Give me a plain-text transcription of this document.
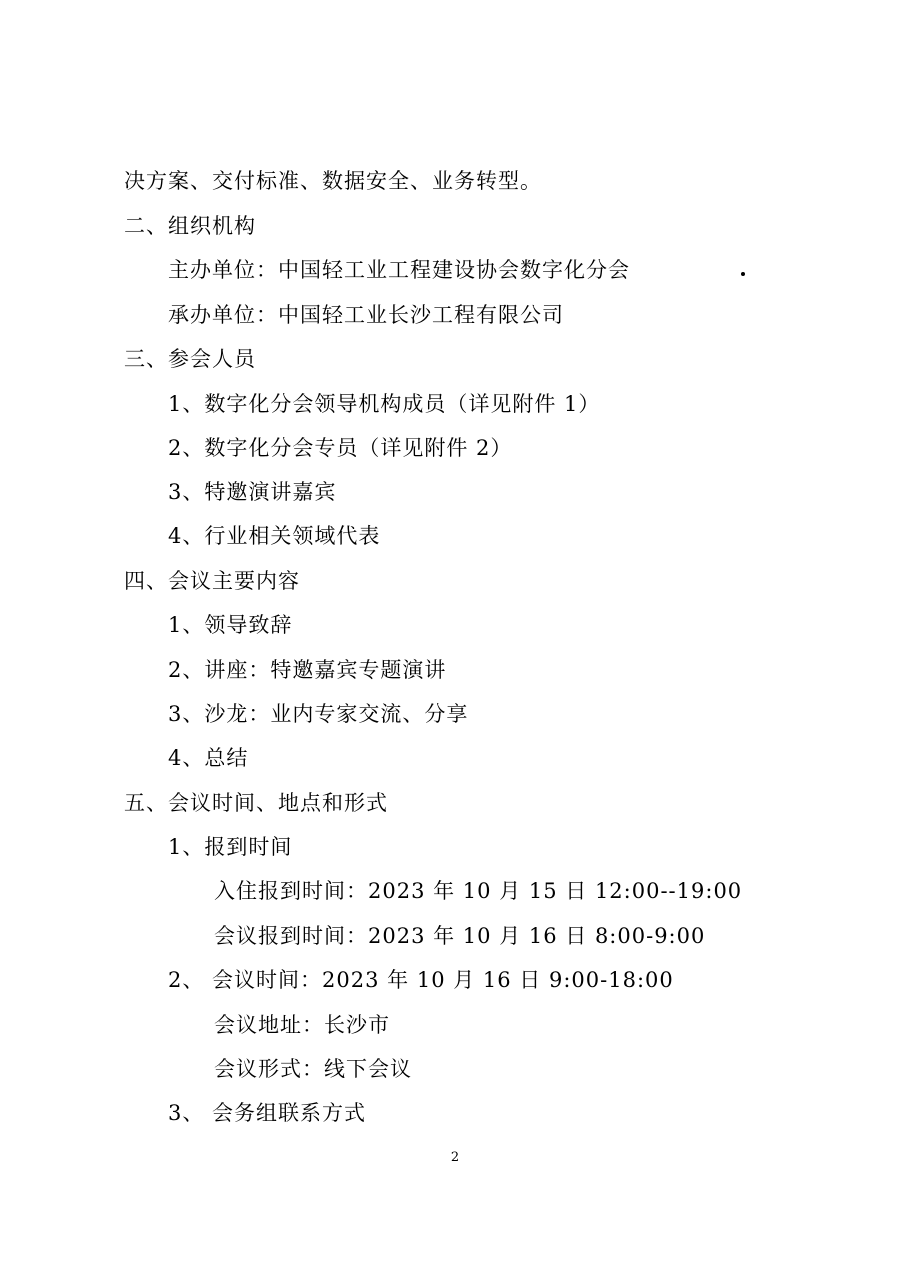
决方案、交付标准、数据安全、业务转型。
二、组织机构
主办单位：中国轻工业工程建设协会数字化分会
承办单位：中国轻工业长沙工程有限公司
三、参会人员
1、数字化分会领导机构成员（详见附件 1）
2、数字化分会专员（详见附件 2）
3、特邀演讲嘉宾
4、行业相关领域代表
四、会议主要内容
1、领导致辞
2、讲座：特邀嘉宾专题演讲
3、沙龙：业内专家交流、分享
4、总结
五、会议时间、地点和形式
1、报到时间
入住报到时间：2023 年 10 月 15 日 12:00--19:00
会议报到时间：2023 年 10 月 16 日 8:00-9:00
2、 会议时间：2023 年 10 月 16 日 9:00-18:00
会议地址：长沙市
会议形式：线下会议
3、 会务组联系方式
2
